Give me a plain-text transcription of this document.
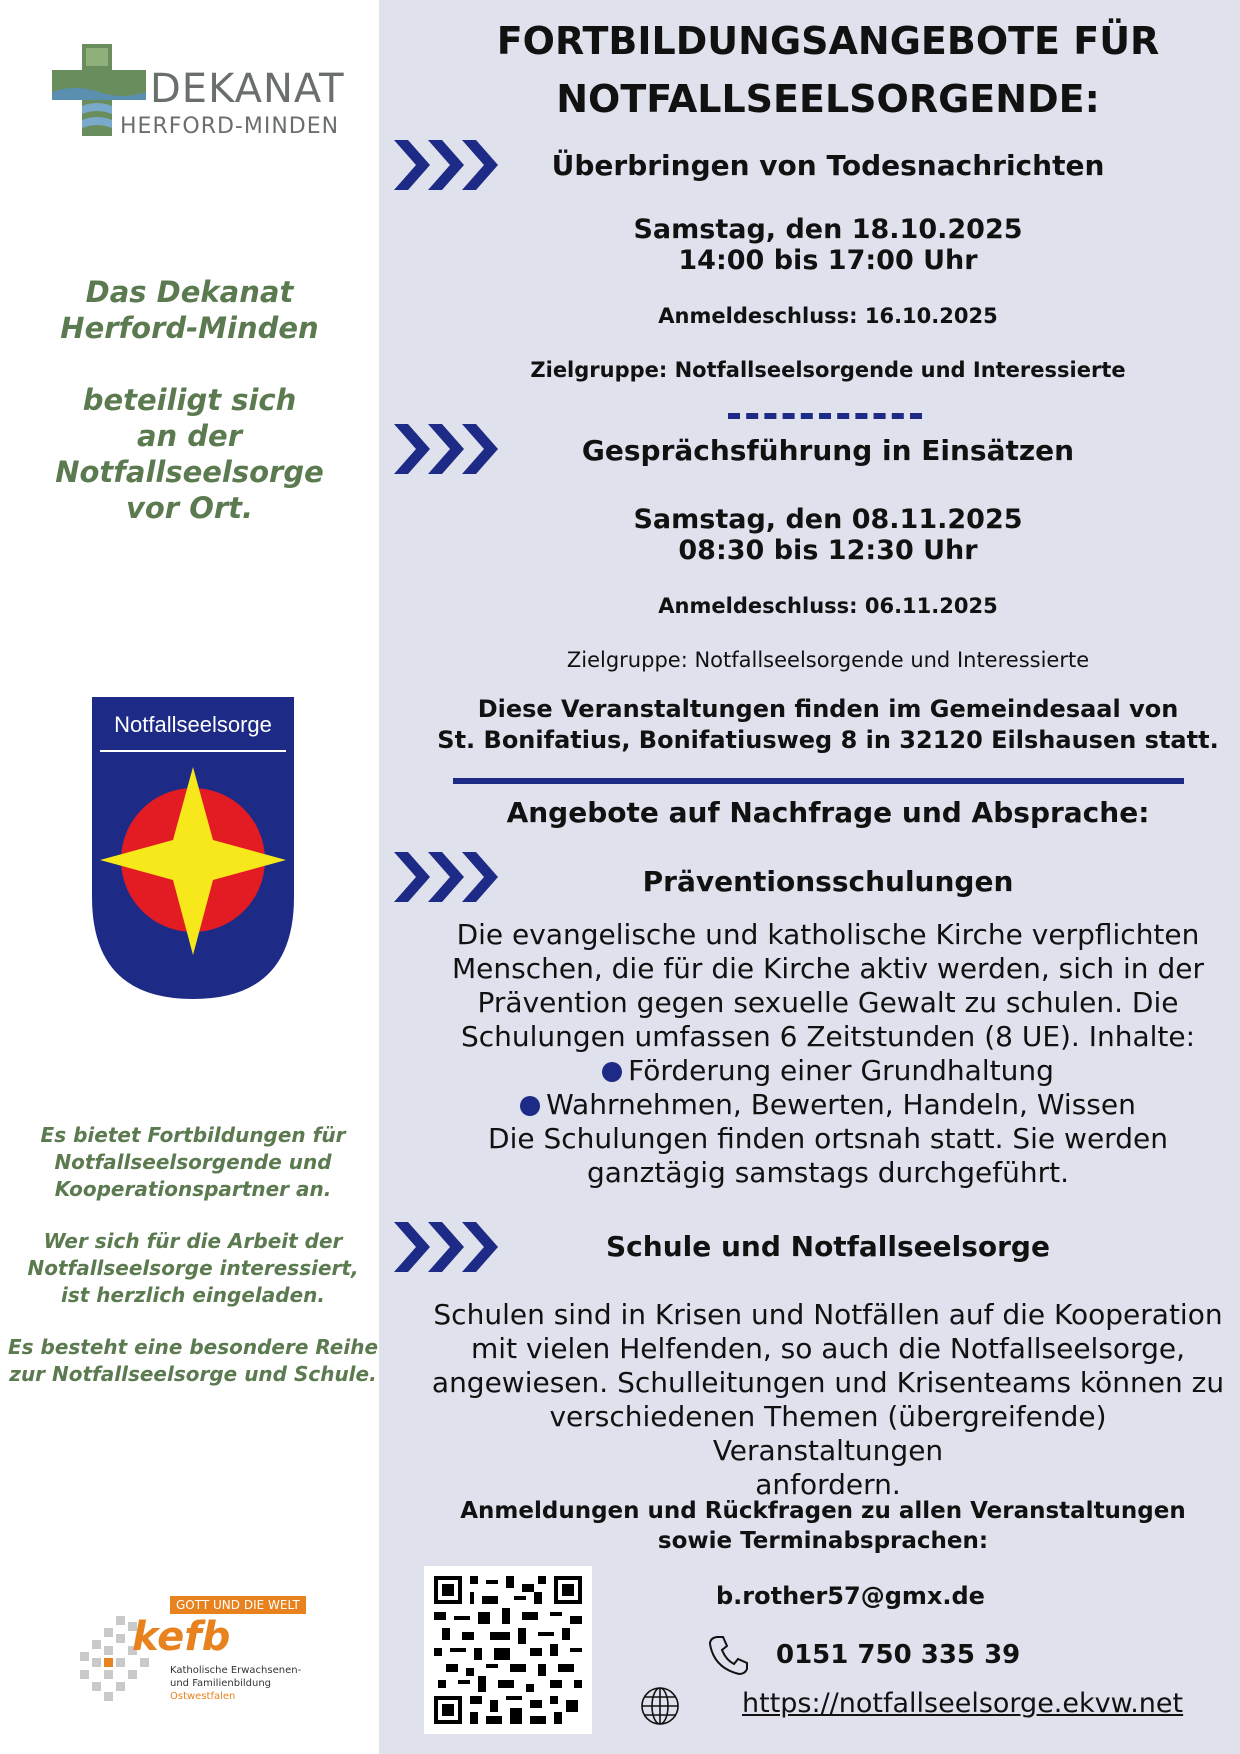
DEKANAT
HERFORD-MINDEN
Das Dekanat
Herford-Minden
beteiligt sich
an der Notfallseelsorge
vor Ort.
Notfallseelsorge
Es bietet Fortbildungen für
Notfallseelsorgende und
Kooperationspartner an.
Wer sich für die Arbeit der
Notfallseelsorge interessiert,
ist herzlich eingeladen.
Es besteht eine besondere Reihe
zur Notfallseelsorge und Schule.
GOTT UND DIE WELT
kefb
Katholische Erwachsenen-
und Familienbildung
Ostwestfalen
FORTBILDUNGSANGEBOTE FÜR
NOTFALLSEELSORGENDE:
Überbringen von Todesnachrichten
Samstag, den 18.10.2025
14:00 bis 17:00 Uhr
Anmeldeschluss: 16.10.2025
Zielgruppe: Notfallseelsorgende und Interessierte
Gesprächsführung in Einsätzen
Samstag, den 08.11.2025
08:30 bis 12:30 Uhr
Anmeldeschluss: 06.11.2025
Zielgruppe: Notfallseelsorgende und Interessierte
Diese Veranstaltungen finden im Gemeindesaal von
St. Bonifatius, Bonifatiusweg 8 in 32120 Eilshausen statt.
Angebote auf Nachfrage und Absprache:
Präventionsschulungen
Die evangelische und katholische Kirche verpflichten
Menschen, die für die Kirche aktiv werden, sich in der
Prävention gegen sexuelle Gewalt zu schulen. Die
Schulungen umfassen 6 Zeitstunden (8 UE). Inhalte:
Förderung einer Grundhaltung
Wahrnehmen, Bewerten, Handeln, Wissen
Die Schulungen finden ortsnah statt. Sie werden
ganztägig samstags durchgeführt.
Schule und Notfallseelsorge
Schulen sind in Krisen und Notfällen auf die Kooperation
mit vielen Helfenden, so auch die Notfallseelsorge,
angewiesen. Schulleitungen und Krisenteams können zu
verschiedenen Themen (übergreifende) Veranstaltungen
anfordern.
Anmeldungen und Rückfragen zu allen Veranstaltungen
sowie Terminabsprachen:
b.rother57@gmx.de
0151 750 335 39
https://notfallseelsorge.ekvw.net
